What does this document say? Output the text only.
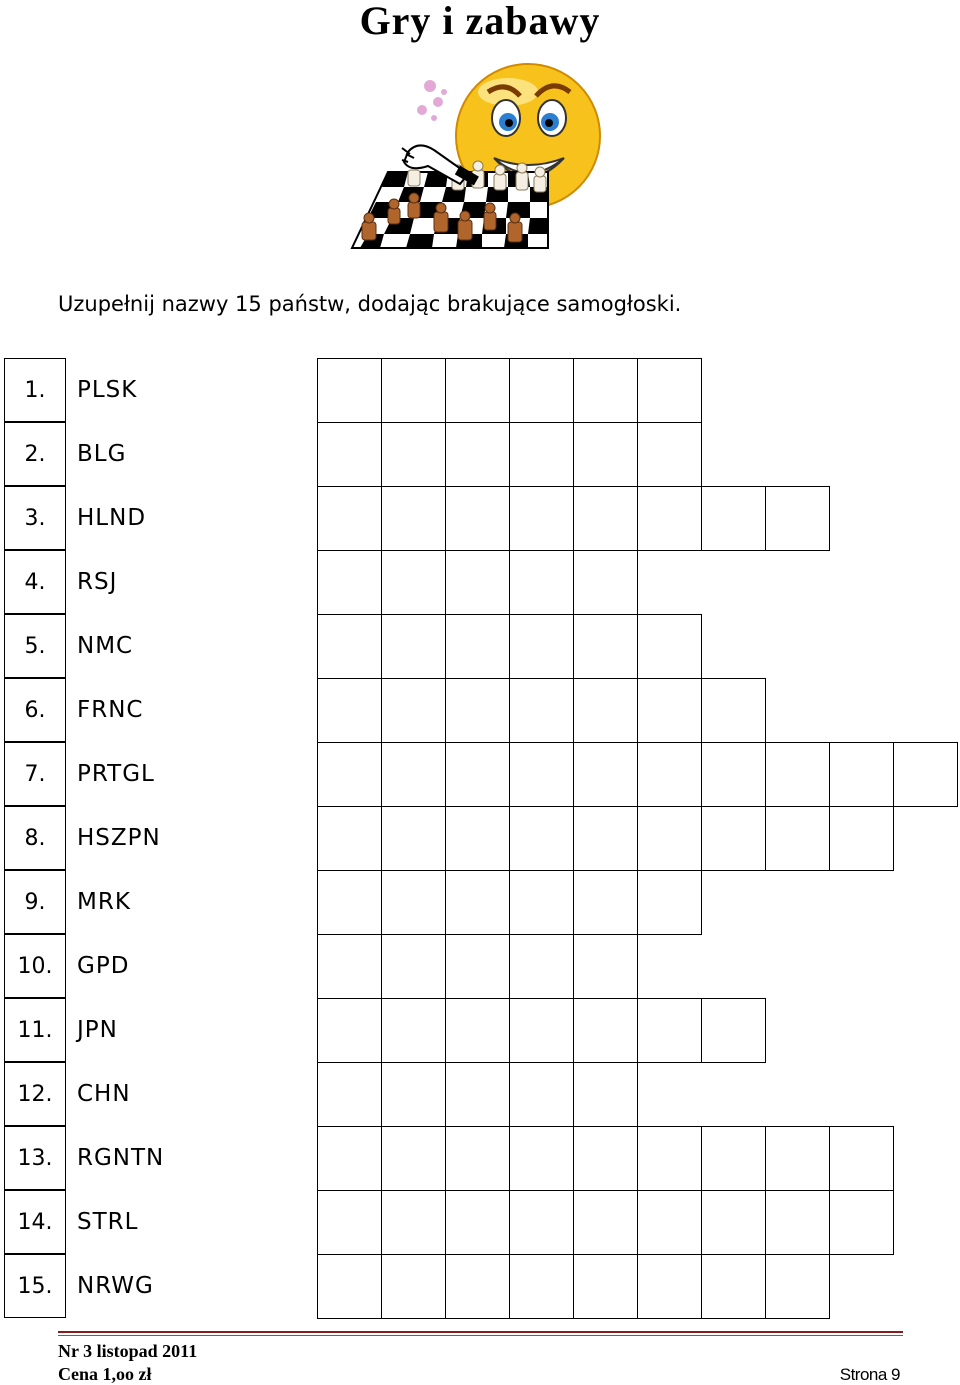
Gry i zabawy
Uzupełnij nazwy 15 państw, dodając brakujące samogłoski.
1.	PLSK
2.	BLG
3.	HLND
4.	RSJ
5.	NMC
6.	FRNC
7.	PRTGL
8.	HSZPN
9.	MRK
10.	GPD
11.	JPN
12.	CHN
13.	RGNTN
14.	STRL
15.	NRWG
Nr 3 listopad 2011
Cena 1,oo zł	Strona 9
